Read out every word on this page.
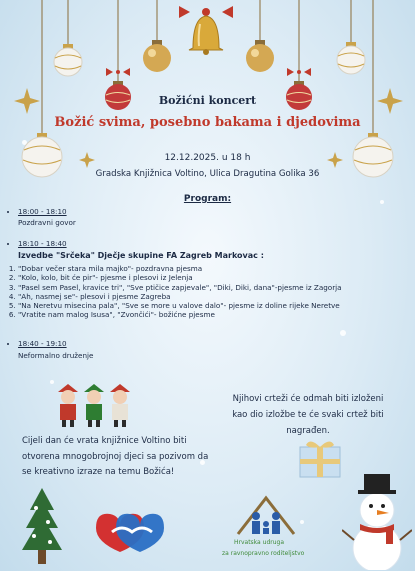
Božićni koncert
Božić svima, posebno bakama i djedovima
12.12.2025. u 18 h
Gradska Knjižnica Voltino, Ulica Dragutina Golika 36
Program:
• 18:00 - 18:10
Pozdravni govor
• 18:10 - 18:40
Izvedbe "Srčeka" Dječje skupine FA Zagreb Markovac :
1. "Dobar večer stara mila majko"- pozdravna pjesma
2. "Kolo, kolo, bit će pir"- pjesme i plesovi iz Jelenja
3. "Pasel sem Pasel, kravice tri", "Sve ptičice zapjevale", "Diki, Diki, dana"-pjesme iz Zagorja
4. "Ah, nasmej se"- plesovi i pjesme Zagreba
5. "Na Neretvu misecina pala", "Sve se more u valove dalo"- pjesme iz doline rijeke Neretve
6. "Vratite nam malog Isusa", "Zvončići"- božićne pjesme
• 18:40 - 19:10
Neformalno druženje
Njihovi crteži će odmah biti izloženi kao dio izložbe te će svaki crtež biti nagrađen.
Cijeli dan će vrata knjižnice Voltino biti otvorena mnogobrojnoj djeci sa pozivom da se kreativno izraze na temu Božića!
Hrvatska udruga
za ravnopravno roditeljstvo
